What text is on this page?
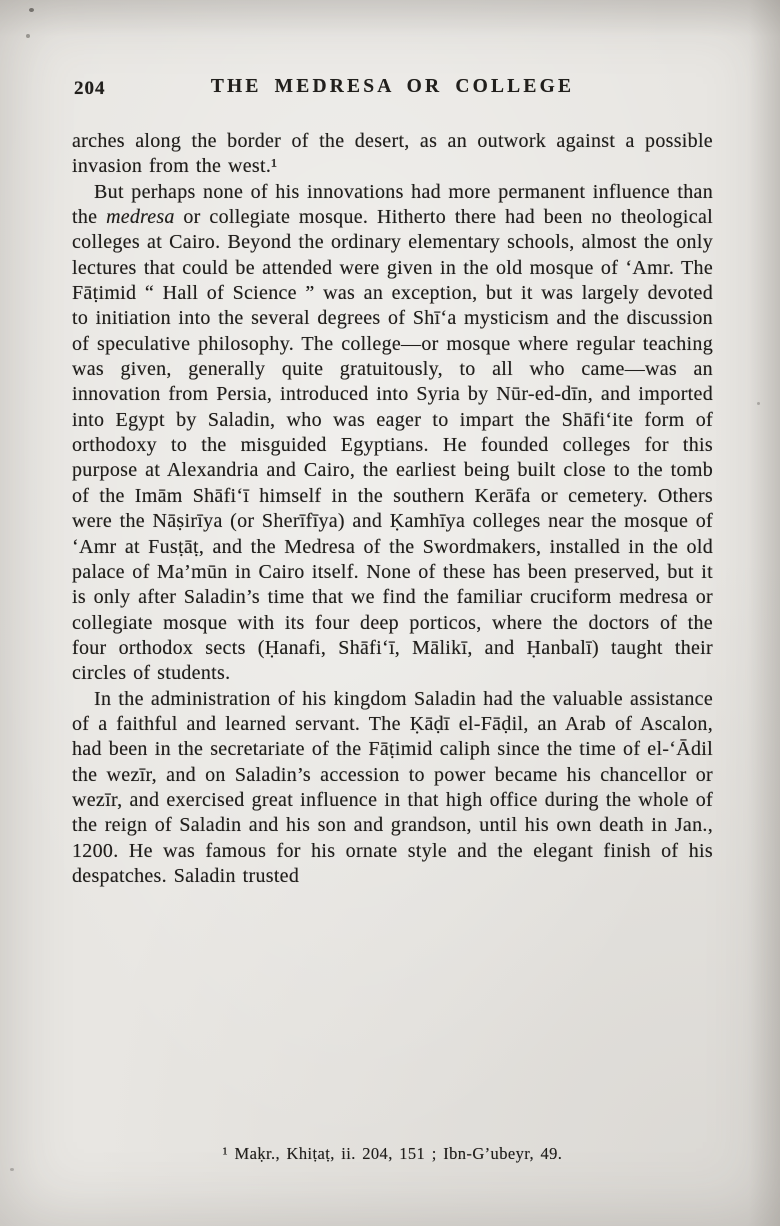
204	THE MEDRESA OR COLLEGE

arches along the border of the desert, as an outwork against a possible invasion from the west.¹

But perhaps none of his innovations had more permanent influence than the medresa or collegiate mosque. Hitherto there had been no theological colleges at Cairo. Beyond the ordinary elementary schools, almost the only lectures that could be attended were given in the old mosque of ‘Amr. The Fāṭimid “ Hall of Science ” was an exception, but it was largely devoted to initiation into the several degrees of Shī‘a mysticism and the discussion of speculative philosophy. The college—or mosque where regular teaching was given, generally quite gratuitously, to all who came—was an innovation from Persia, introduced into Syria by Nūr-ed-dīn, and imported into Egypt by Saladin, who was eager to impart the Shāfi‘ite form of orthodoxy to the misguided Egyptians. He founded colleges for this purpose at Alexandria and Cairo, the earliest being built close to the tomb of the Imām Shāfi‘ī himself in the southern Kerāfa or cemetery. Others were the Nāṣirīya (or Sherīfīya) and Ḳamhīya colleges near the mosque of ‘Amr at Fusṭāṭ, and the Medresa of the Swordmakers, installed in the old palace of Ma’mūn in Cairo itself. None of these has been preserved, but it is only after Saladin’s time that we find the familiar cruciform medresa or collegiate mosque with its four deep porticos, where the doctors of the four orthodox sects (Ḥanafi, Shāfi‘ī, Mālikī, and Ḥanbalī) taught their circles of students.

In the administration of his kingdom Saladin had the valuable assistance of a faithful and learned servant. The Ḳāḍī el-Fāḍil, an Arab of Ascalon, had been in the secretariate of the Fāṭimid caliph since the time of el-‘Ādil the wezīr, and on Saladin’s accession to power became his chancellor or wezīr, and exercised great influence in that high office during the whole of the reign of Saladin and his son and grandson, until his own death in Jan., 1200. He was famous for his ornate style and the elegant finish of his despatches. Saladin trusted

¹ Maḳr., Khiṭaṭ, ii. 204, 151 ; Ibn-G’ubeyr, 49.
